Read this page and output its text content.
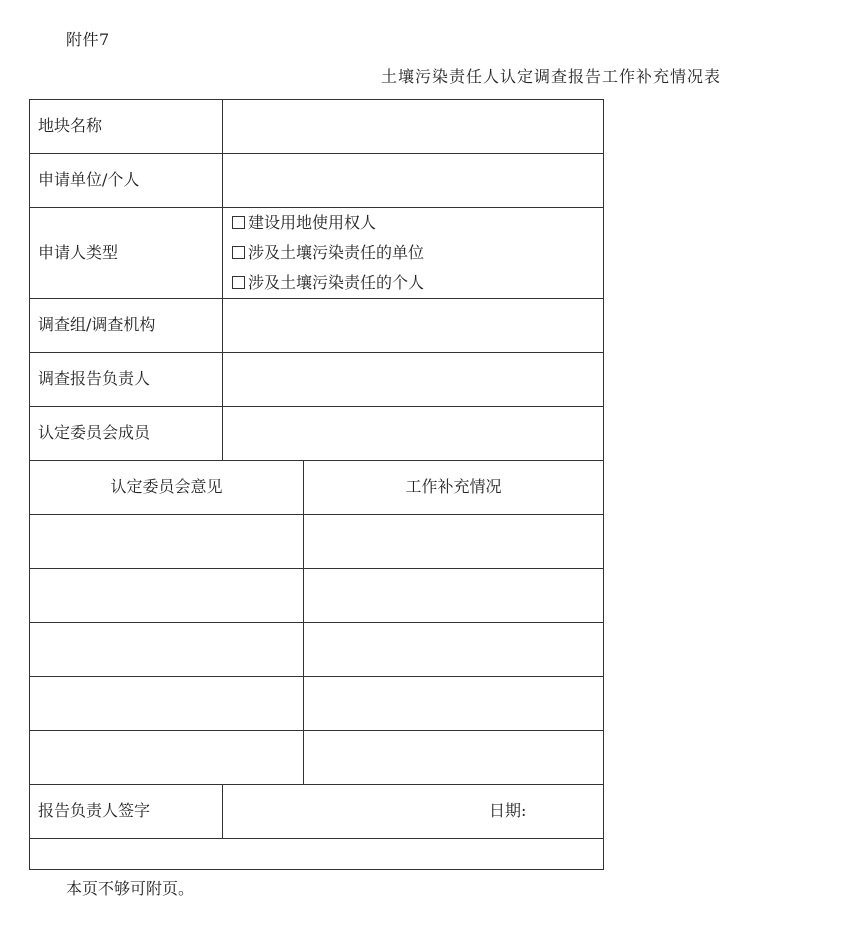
附件7
土壤污染责任人认定调查报告工作补充情况表
地块名称
申请单位/个人
申请人类型
调查组/调查机构
调查报告负责人
认定委员会成员
建设用地使用权人
涉及土壤污染责任的单位
涉及土壤污染责任的个人
认定委员会意见	工作补充情况
报告负责人签字	日期:
本页不够可附页。
